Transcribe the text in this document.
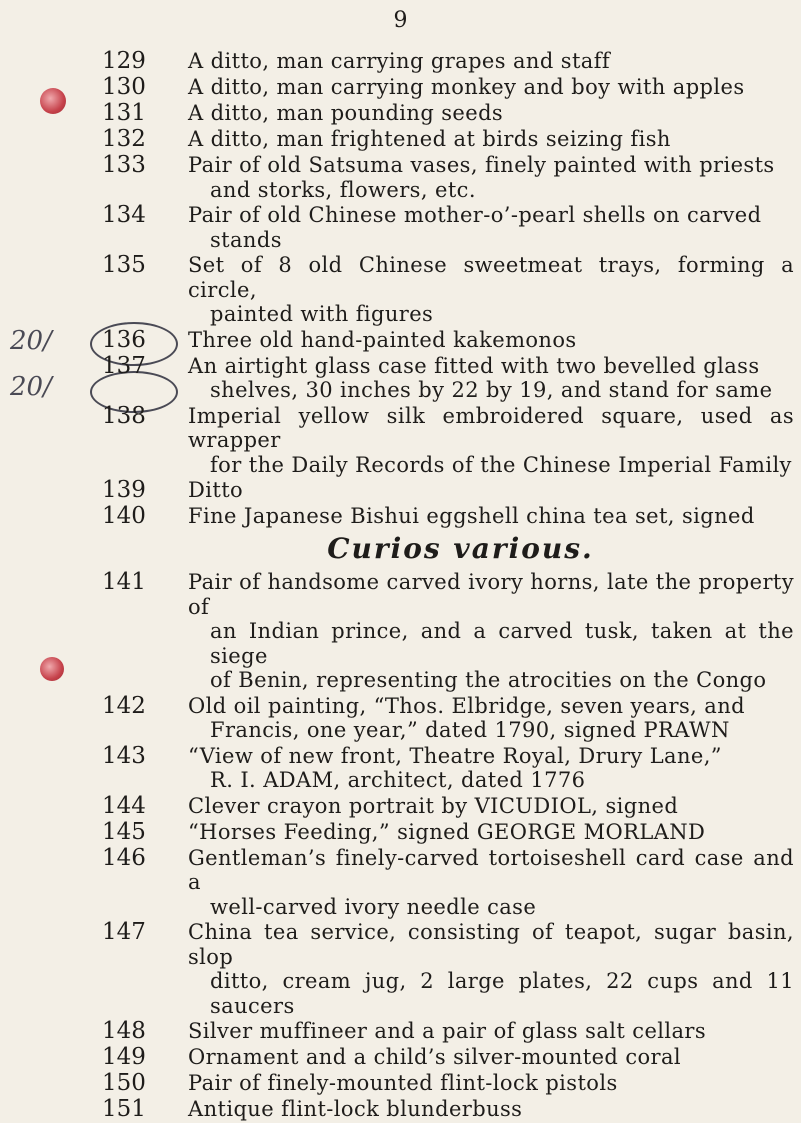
9
20/
20/
129	A ditto, man carrying grapes and staff
130	A ditto, man carrying monkey and boy with apples
131	A ditto, man pounding seeds
132	A ditto, man frightened at birds seizing fish
133	Pair of old Satsuma vases, finely painted with priests
and storks, flowers, etc.
134	Pair of old Chinese mother-o’-pearl shells on carved
stands
135	Set of 8 old Chinese sweetmeat trays, forming a circle,
painted with figures
136	Three old hand-painted kakemonos
137	An airtight glass case fitted with two bevelled glass
shelves, 30 inches by 22 by 19, and stand for same
138	Imperial yellow silk embroidered square, used as wrapper
for the Daily Records of the Chinese Imperial Family
139	Ditto
140	Fine Japanese Bishui eggshell china tea set, signed
Curios various.
141	Pair of handsome carved ivory horns, late the property of
an Indian prince, and a carved tusk, taken at the siege
of Benin, representing the atrocities on the Congo
142	Old oil painting, “Thos. Elbridge, seven years, and
Francis, one year,” dated 1790, signed PRAWN
143	“View of new front, Theatre Royal, Drury Lane,”
R. I. ADAM, architect, dated 1776
144	Clever crayon portrait by VICUDIOL, signed
145	“Horses Feeding,” signed GEORGE MORLAND
146	Gentleman’s finely-carved tortoiseshell card case and a
well-carved ivory needle case
147	China tea service, consisting of teapot, sugar basin, slop
ditto, cream jug, 2 large plates, 22 cups and 11 saucers
148	Silver muffineer and a pair of glass salt cellars
149	Ornament and a child’s silver-mounted coral
150	Pair of finely-mounted flint-lock pistols
151	Antique flint-lock blunderbuss
